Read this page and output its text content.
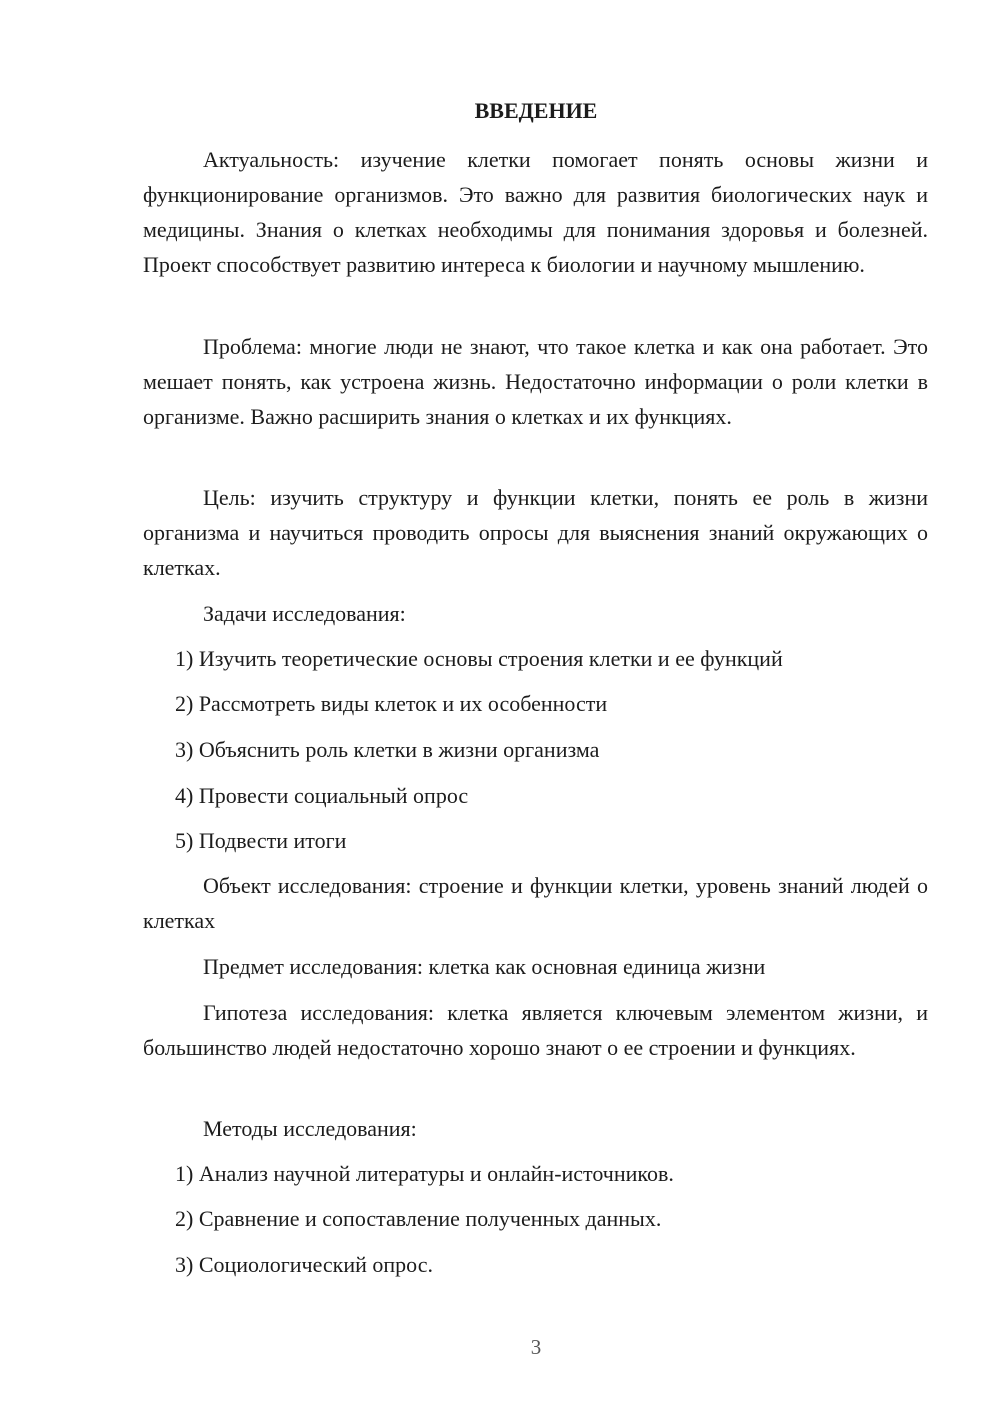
ВВЕДЕНИЕ

Актуальность: изучение клетки помогает понять основы жизни и функционирование организмов. Это важно для развития биологических наук и медицины. Знания о клетках необходимы для понимания здоровья и болезней. Проект способствует развитию интереса к биологии и научному мышлению.

Проблема: многие люди не знают, что такое клетка и как она работает. Это мешает понять, как устроена жизнь. Недостаточно информации о роли клетки в организме. Важно расширить знания о клетках и их функциях.

Цель: изучить структуру и функции клетки, понять ее роль в жизни организма и научиться проводить опросы для выяснения знаний окружающих о клетках.

Задачи исследования:

1) Изучить теоретические основы строения клетки и ее функций

2) Рассмотреть виды клеток и их особенности

3) Объяснить роль клетки в жизни организма

4) Провести социальный опрос

5) Подвести итоги

Объект исследования: строение и функции клетки, уровень знаний людей о клетках

Предмет исследования: клетка как основная единица жизни

Гипотеза исследования: клетка является ключевым элементом жизни, и большинство людей недостаточно хорошо знают о ее строении и функциях.

Методы исследования:

1) Анализ научной литературы и онлайн-источников.

2) Сравнение и сопоставление полученных данных.

3) Социологический опрос.

3
